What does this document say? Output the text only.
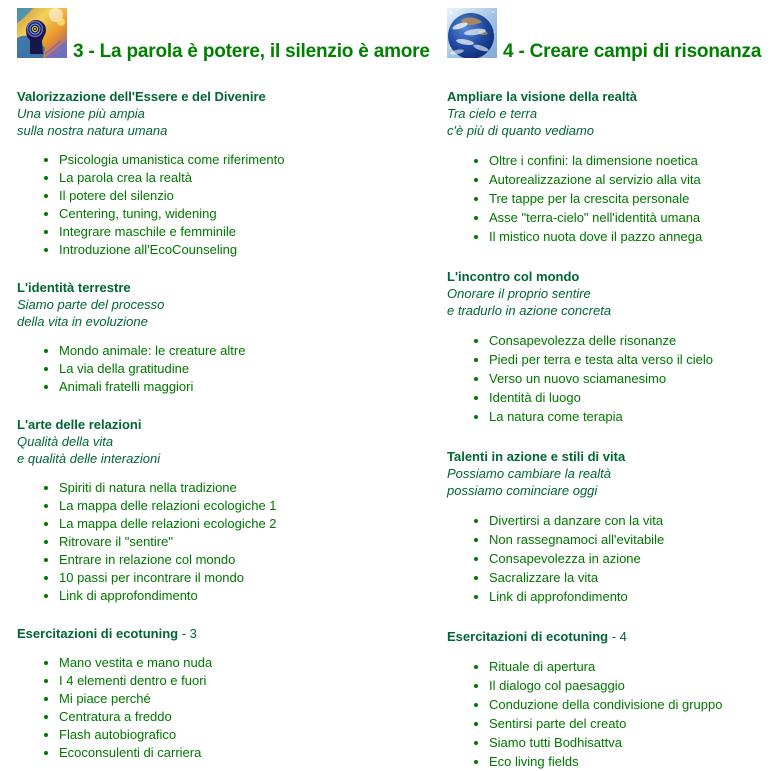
3 - La parola è potere, il silenzio è amore
Valorizzazione dell'Essere e del Divenire
Una visione più ampia
sulla nostra natura umana
• Psicologia umanistica come riferimento
• La parola crea la realtà
• Il potere del silenzio
• Centering, tuning, widening
• Integrare maschile e femminile
• Introduzione all'EcoCounseling
L'identità terrestre
Siamo parte del processo
della vita in evoluzione
• Mondo animale: le creature altre
• La via della gratitudine
• Animali fratelli maggiori
L'arte delle relazioni
Qualità della vita
e qualità delle interazioni
• Spiriti di natura nella tradizione
• La mappa delle relazioni ecologiche 1
• La mappa delle relazioni ecologiche 2
• Ritrovare il "sentire"
• Entrare in relazione col mondo
• 10 passi per incontrare il mondo
• Link di approfondimento
Esercitazioni di ecotuning - 3
• Mano vestita e mano nuda
• I 4 elementi dentro e fuori
• Mi piace perché
• Centratura a freddo
• Flash autobiografico
• Ecoconsulenti di carriera
4 - Creare campi di risonanza
Ampliare la visione della realtà
Tra cielo e terra
c'è più di quanto vediamo
• Oltre i confini: la dimensione noetica
• Autorealizzazione al servizio alla vita
• Tre tappe per la crescita personale
• Asse "terra-cielo" nell'identità umana
• Il mistico nuota dove il pazzo annega
L'incontro col mondo
Onorare il proprio sentire
e tradurlo in azione concreta
• Consapevolezza delle risonanze
• Piedi per terra e testa alta verso il cielo
• Verso un nuovo sciamanesimo
• Identità di luogo
• La natura come terapia
Talenti in azione e stili di vita
Possiamo cambiare la realtà
possiamo cominciare oggi
• Divertirsi a danzare con la vita
• Non rassegnamoci all'evitabile
• Consapevolezza in azione
• Sacralizzare la vita
• Link di approfondimento
Esercitazioni di ecotuning - 4
• Rituale di apertura
• Il dialogo col paesaggio
• Conduzione della condivisione di gruppo
• Sentirsi parte del creato
• Siamo tutti Bodhisattva
• Eco living fields
